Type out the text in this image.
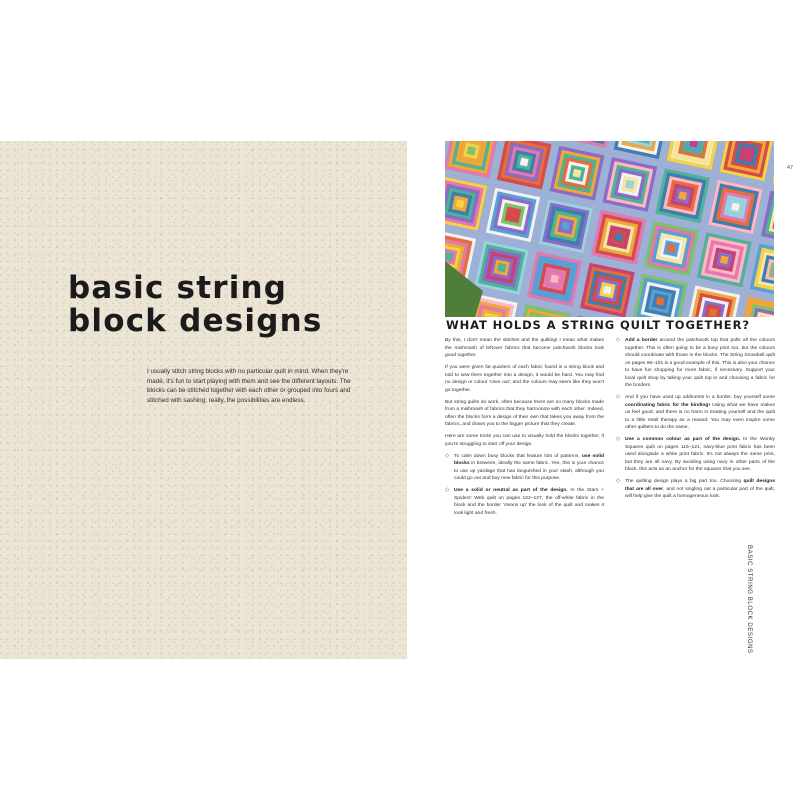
basic string
block designs

I usually stitch string blocks with no particular quilt in mind. When they're made, it's fun to start playing with them and see the different layouts. The blocks can be stitched together with each other or grouped into fours and stitched with sashing; really, the possibilities are endless.

47
BASIC STRING BLOCK DESIGNS
WHAT HOLDS A STRING QUILT TOGETHER?

By this, I don't mean the stitches and the quilting! I mean what makes the mishmash of leftover fabrics that become patchwork blocks look good together.

If you were given fat quarters of each fabric found in a string block and told to sew them together into a design, it would be hard. You may find no design or colour 'cries out', and the colours may seem like they won't go together.

But string quilts do work, often because there are so many blocks made from a mishmash of fabrics that they harmonize with each other. Indeed, often the blocks form a design of their own that takes you away from the fabrics, and draws you to the bigger picture that they create.

Here are some tricks you can use to visually hold the blocks together, if you're struggling to start off your design.

◇ To calm down busy blocks that feature lots of patterns, use solid blocks in between, ideally the same fabric. Yes, this is your chance to use up yardage that has languished in your stash, although you could go out and buy new fabric for this purpose.

◇ Use a solid or neutral as part of the design. In the Stars + Spiders' Web quilt on pages 122–127, the off-white fabric in the block and the border 'cleans up' the look of the quilt and makes it look light and fresh.

◇ Add a border around the patchwork top that pulls all the colours together. This is often going to be a busy print too, but the colours should coordinate with those in the blocks. The String Snowball quilt on pages 96–101 is a good example of this. This is also your chance to have fun shopping for more fabric, if necessary. Support your local quilt shop by taking your quilt top in and choosing a fabric for the borders.

◇ And if you have used up oddments in a border, buy yourself some coordinating fabric for the binding! Using what we have makes us feel good, and there is no harm in treating yourself and the quilt to a little retail therapy as a reward. You may even inspire some other quilters to do the same.

◇ Use a common colour as part of the design. In the Wonky Squares quilt on pages 116–121, navy-blue print fabric has been used alongside a white print fabric. It's not always the same print, but they are all navy. By avoiding using navy in other parts of the block, this acts as an anchor for the squares that you see.

◇ The quilting design plays a big part too. Choosing quilt designs that are all over, and not singling out a particular part of the quilt, will help give the quilt a homogeneous look.
